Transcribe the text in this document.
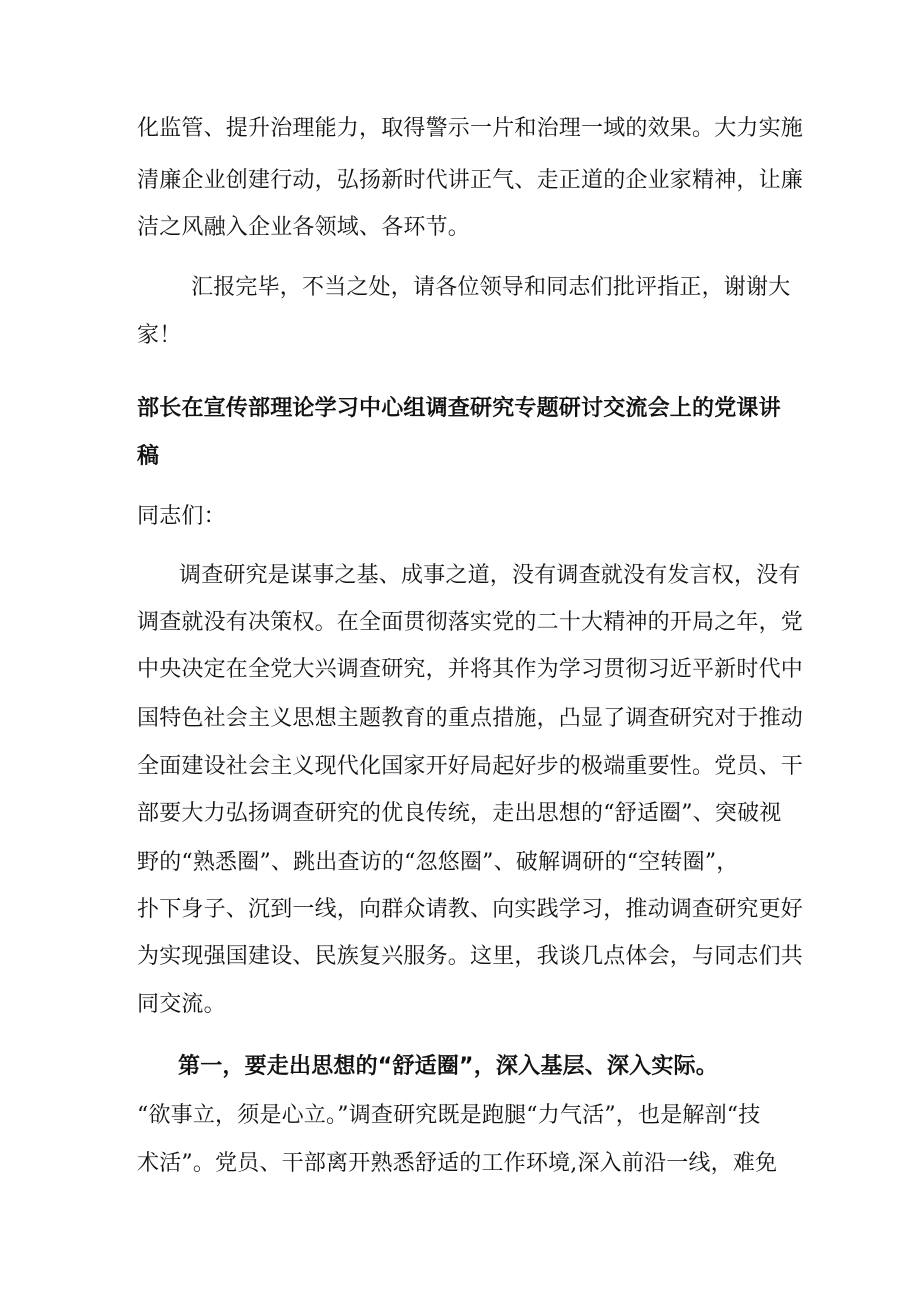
化监管、提升治理能力，取得警示一片和治理一域的效果。大力实施
清廉企业创建行动，弘扬新时代讲正气、走正道的企业家精神，让廉
洁之风融入企业各领域、各环节。
汇报完毕，不当之处，请各位领导和同志们批评指正，谢谢大
家！
部长在宣传部理论学习中心组调查研究专题研讨交流会上的党课讲
稿
同志们：
调查研究是谋事之基、成事之道，没有调查就没有发言权，没有
调查就没有决策权。在全面贯彻落实党的二十大精神的开局之年，党
中央决定在全党大兴调查研究，并将其作为学习贯彻习近平新时代中
国特色社会主义思想主题教育的重点措施，凸显了调查研究对于推动
全面建设社会主义现代化国家开好局起好步的极端重要性。党员、干
部要大力弘扬调查研究的优良传统，走出思想的“舒适圈”、突破视
野的“熟悉圈”、跳出查访的“忽悠圈”、破解调研的“空转圈”，
扑下身子、沉到一线，向群众请教、向实践学习，推动调查研究更好
为实现强国建设、民族复兴服务。这里，我谈几点体会，与同志们共
同交流。
第一，要走出思想的“舒适圈”，深入基层、深入实际。
“欲事立，须是心立。”调查研究既是跑腿“力气活”，也是解剖“技
术活”。党员、干部离开熟悉舒适的工作环境,深入前沿一线，难免
